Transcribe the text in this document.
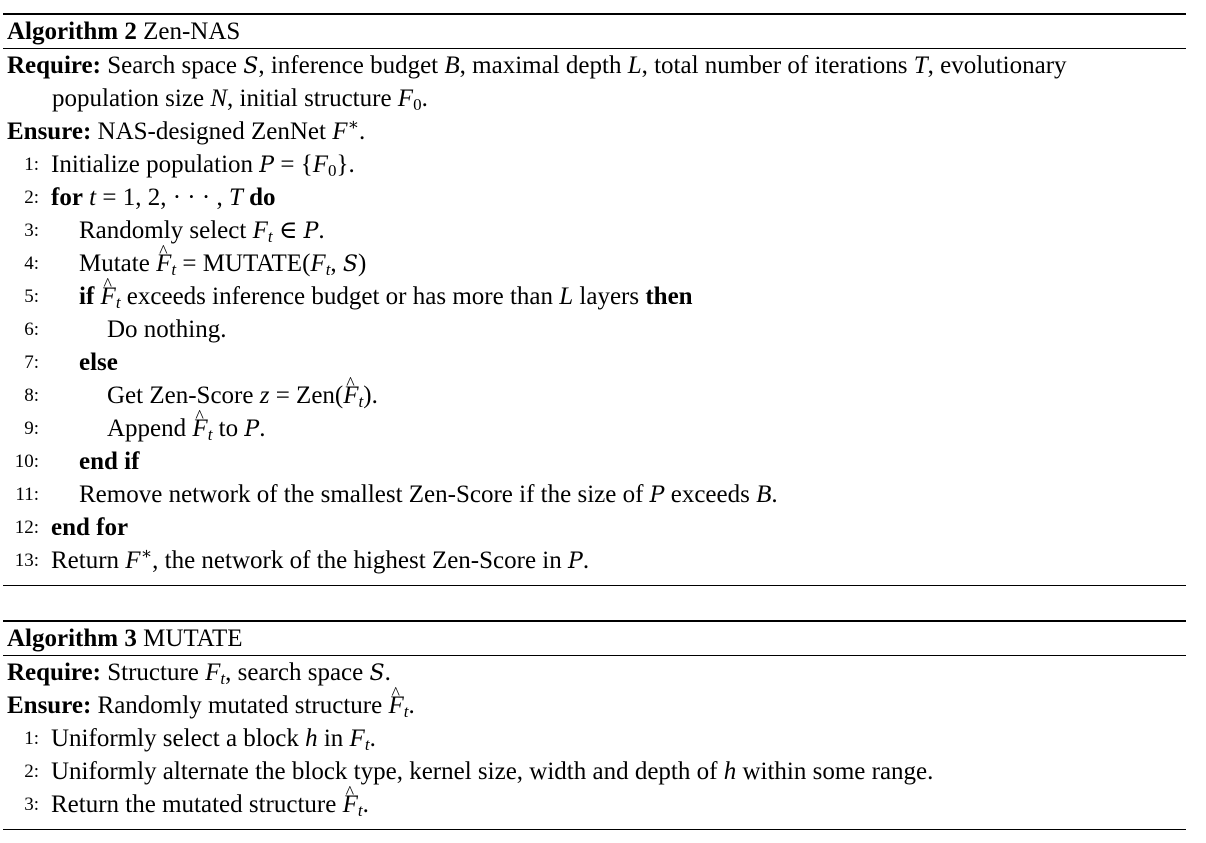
Algorithm 2 Zen-NAS
Require: Search space S, inference budget B, maximal depth L, total number of iterations T, evolutionary
population size N, initial structure $F_0$.
Ensure: NAS-designed ZenNet F∗.
1: Initialize population $P = \{F_0\}$.
2: for t = 1, 2, · · · , T do
3: Randomly select $F_t$ ∈ P.
4: Mutate ^ $F_t$ = $MUTATE(F_t$, S)
5: if ^ $F_t$ exceeds inference budget or has more than L layers then
6:	Do nothing.
7: else
8:	Get Zen-Score z = Zen(^ $F_t$).
9:	Append ^ $F_t$ to P.
10: end if
11: Remove network of the smallest Zen-Score if the size of P exceeds B.
12: end for
13: Return F∗, the network of the highest Zen-Score in P.
Algorithm 3 MUTATE
Require: Structure $F_t$, search space S.
Ensure: Randomly mutated structure ^ $F_t$.
1: Uniformly select a block h in $F_t$.
2: Uniformly alternate the block type, kernel size, width and depth of h within some range.
3: Return the mutated structure ^ $F_t$.
